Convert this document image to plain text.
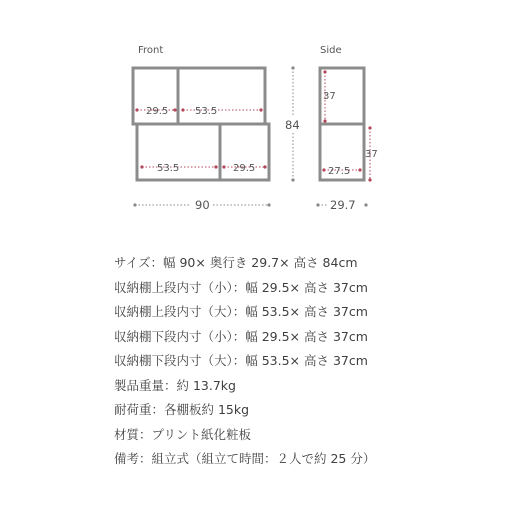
Front	Side
29.5	53.5
53.5	29.5
84
90	29.7
37
37
27.5
サイズ：幅 90× 奥行き 29.7× 高さ 84cm
収納棚上段内寸（小）：幅 29.5× 高さ 37cm
収納棚上段内寸（大）：幅 53.5× 高さ 37cm
収納棚下段内寸（小）：幅 29.5× 高さ 37cm
収納棚下段内寸（大）：幅 53.5× 高さ 37cm
製品重量：約 13.7kg
耐荷重：各棚板約 15kg
材質：プリント紙化粧板
備考：組立式（組立て時間：２人で約 25 分）
